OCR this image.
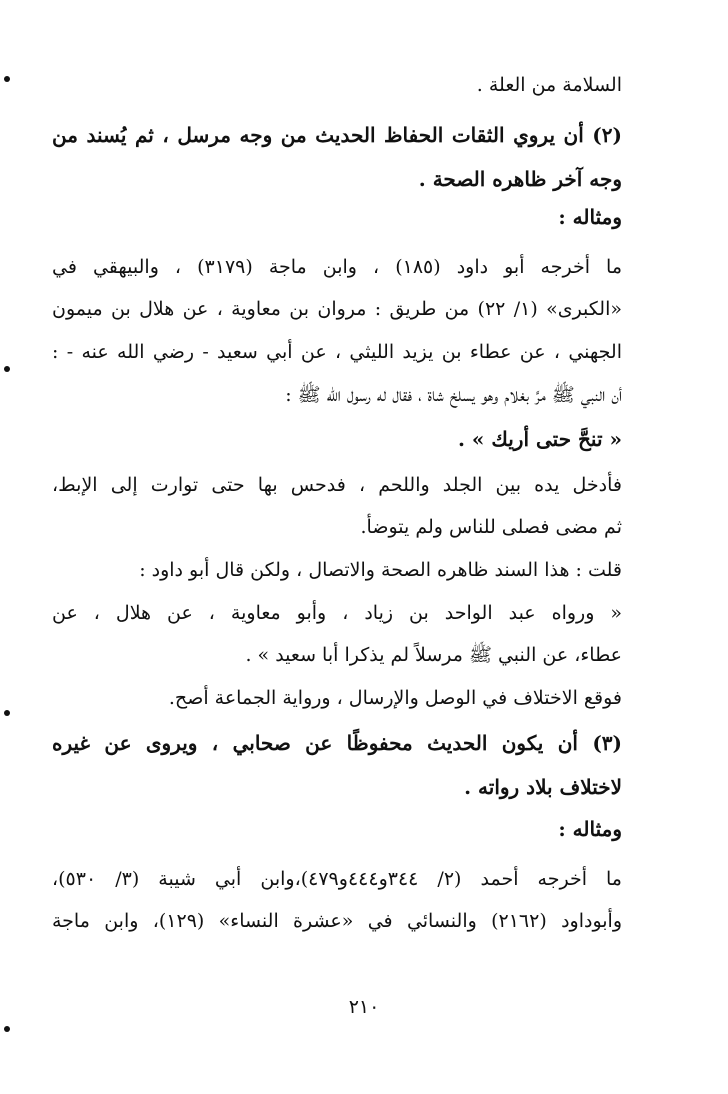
السلامة من العلة .
(٢) أن يروي الثقات الحفاظ الحديث من وجه مرسل ، ثم يُسند من
وجه آخر ظاهره الصحة .
ومثاله :
ما أخرجه أبو داود (١٨٥) ، وابن ماجة (٣١٧٩) ، والبيهقي في
«الكبرى» (١/ ٢٢) من طريق : مروان بن معاوية ، عن هلال بن ميمون
الجهني ، عن عطاء بن يزيد الليثي ، عن أبي سعيد - رضي الله عنه - :
أن النبي ﷺ مرَّ بغلام وهو يسلخ شاة ، فقال له رسول الله ﷺ :
« تنحَّ حتى أريك » .
فأدخل يده بين الجلد واللحم ، فدحس بها حتى توارت إلى الإبط،
ثم مضى فصلى للناس ولم يتوضأ.
قلت : هذا السند ظاهره الصحة والاتصال ، ولكن قال أبو داود :
« ورواه عبد الواحد بن زياد ، وأبو معاوية ، عن هلال ، عن
عطاء، عن النبي ﷺ مرسلاً لم يذكرا أبا سعيد » .
فوقع الاختلاف في الوصل والإرسال ، ورواية الجماعة أصح.
(٣) أن يكون الحديث محفوظًا عن صحابي ، ويروى عن غيره
لاختلاف بلاد رواته .
ومثاله :
ما أخرجه أحمد (٢/ ٣٤٤و٤٤٤و٤٧٩)،وابن أبي شيبة (٣/ ٥٣٠)،
وأبوداود (٢١٦٢) والنسائي في «عشرة النساء» (١٢٩)، وابن ماجة
٢١٠
